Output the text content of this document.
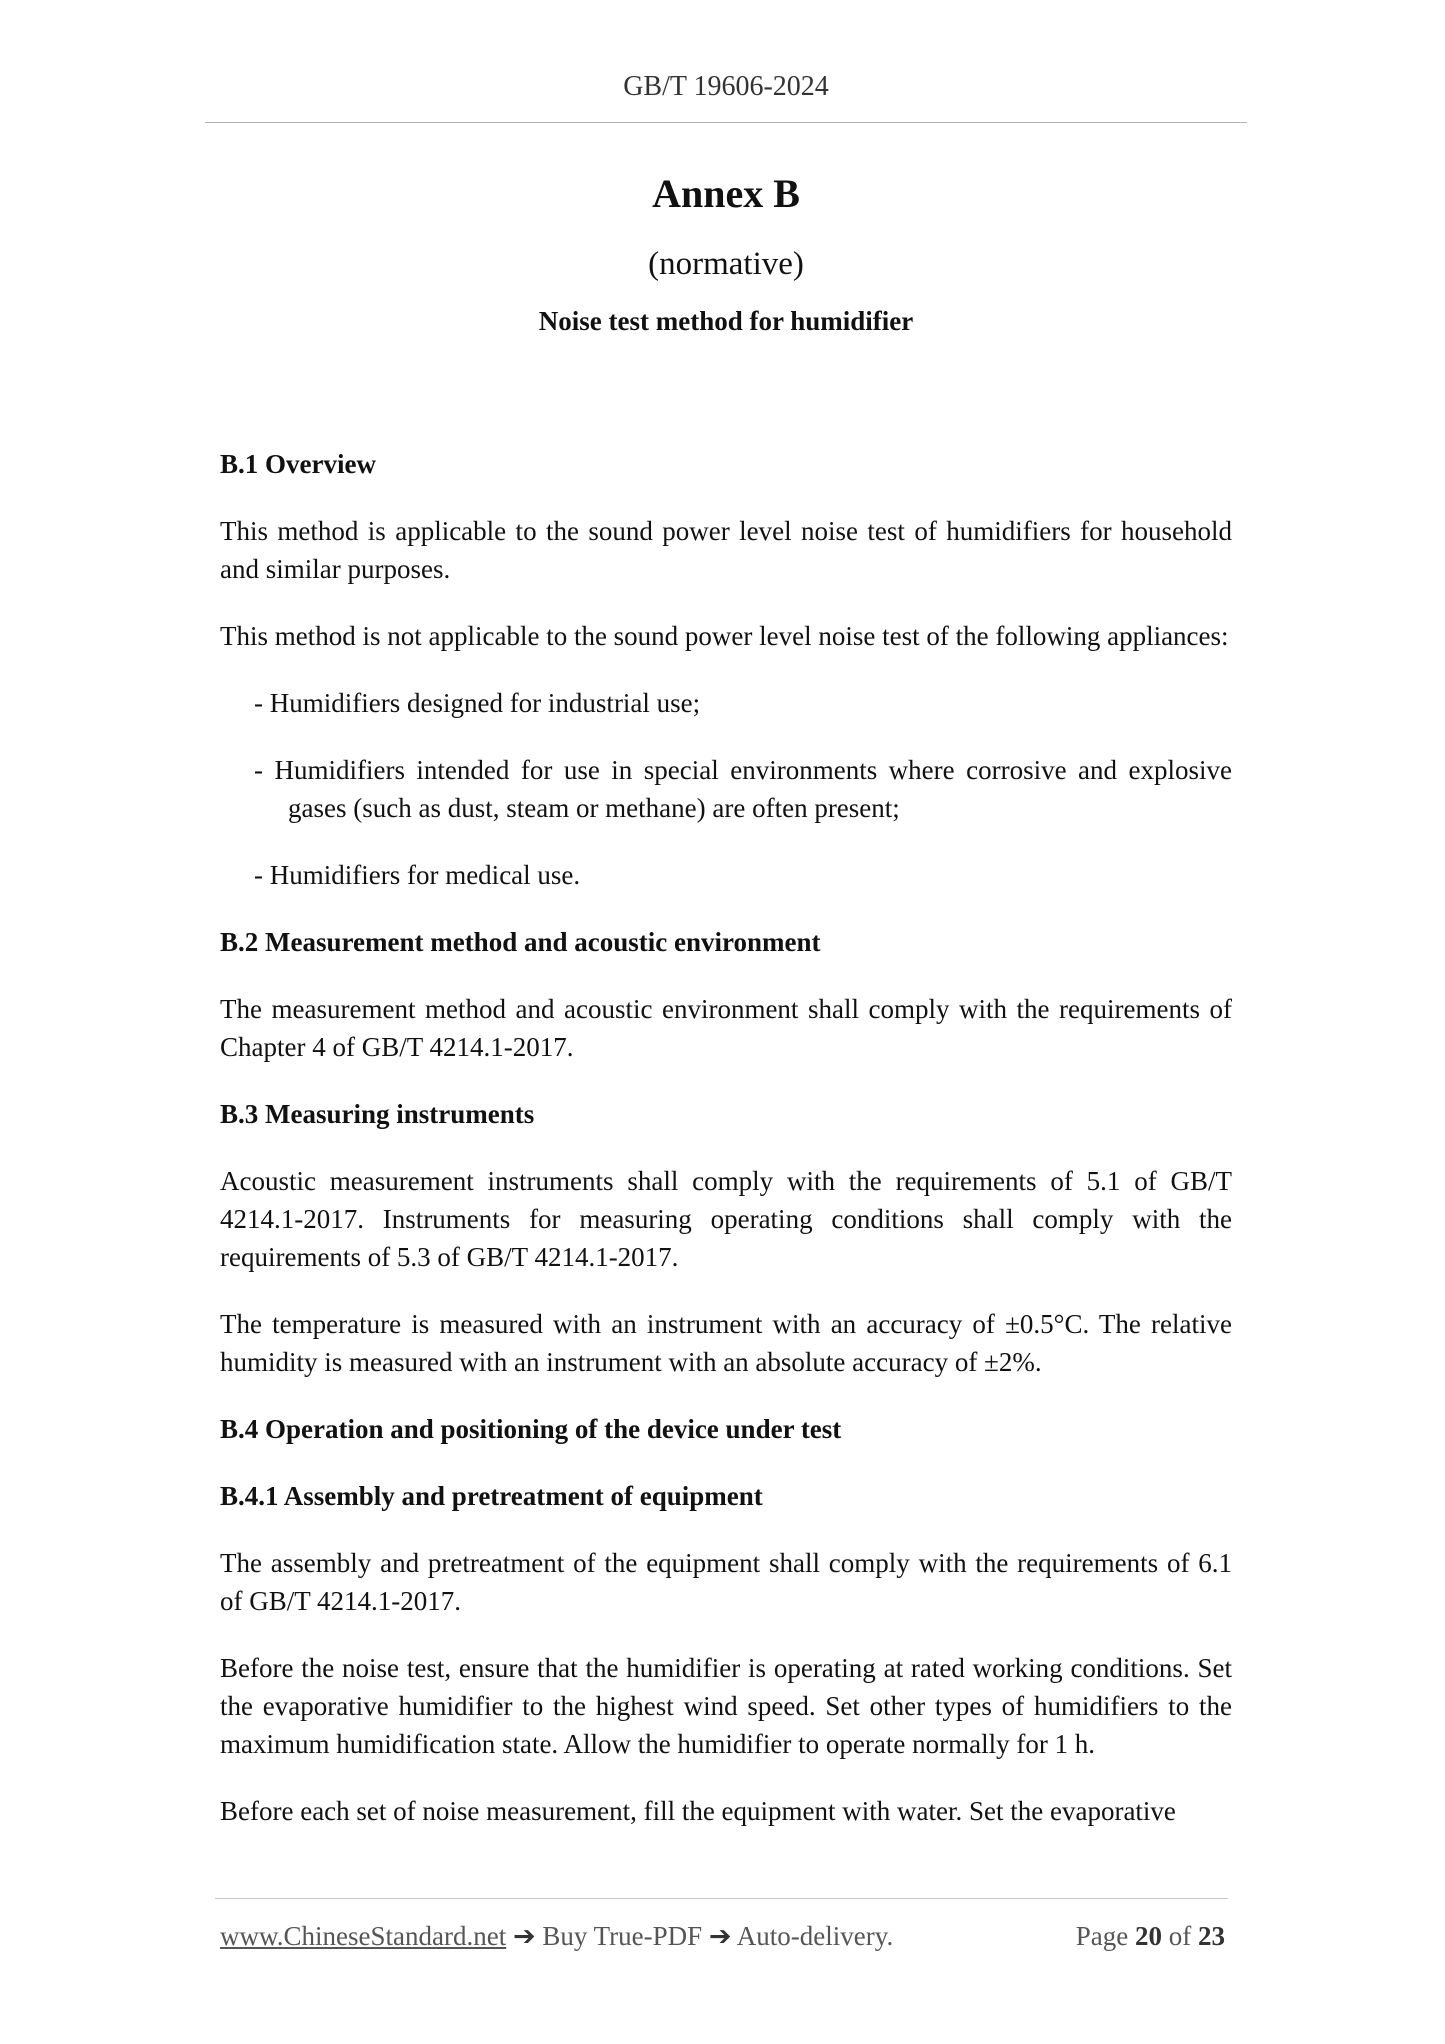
GB/T 19606-2024
Annex B
(normative)
Noise test method for humidifier
B.1 Overview

This method is applicable to the sound power level noise test of humidifiers for household and similar purposes.

This method is not applicable to the sound power level noise test of the following appliances:

- Humidifiers designed for industrial use;

- Humidifiers intended for use in special environments where corrosive and explosive gases (such as dust, steam or methane) are often present;

- Humidifiers for medical use.

B.2 Measurement method and acoustic environment

The measurement method and acoustic environment shall comply with the requirements of Chapter 4 of GB/T 4214.1-2017.

B.3 Measuring instruments

Acoustic measurement instruments shall comply with the requirements of 5.1 of GB/T 4214.1-2017. Instruments for measuring operating conditions shall comply with the requirements of 5.3 of GB/T 4214.1-2017.

The temperature is measured with an instrument with an accuracy of ±0.5°C. The relative humidity is measured with an instrument with an absolute accuracy of ±2%.

B.4 Operation and positioning of the device under test
B.4.1 Assembly and pretreatment of equipment

The assembly and pretreatment of the equipment shall comply with the requirements of 6.1 of GB/T 4214.1-2017.

Before the noise test, ensure that the humidifier is operating at rated working conditions. Set the evaporative humidifier to the highest wind speed. Set other types of humidifiers to the maximum humidification state. Allow the humidifier to operate normally for 1 h.

Before each set of noise measurement, fill the equipment with water. Set the evaporative

www.ChineseStandard.net ➔ Buy True-PDF ➔ Auto-delivery.	Page 20 of 23
